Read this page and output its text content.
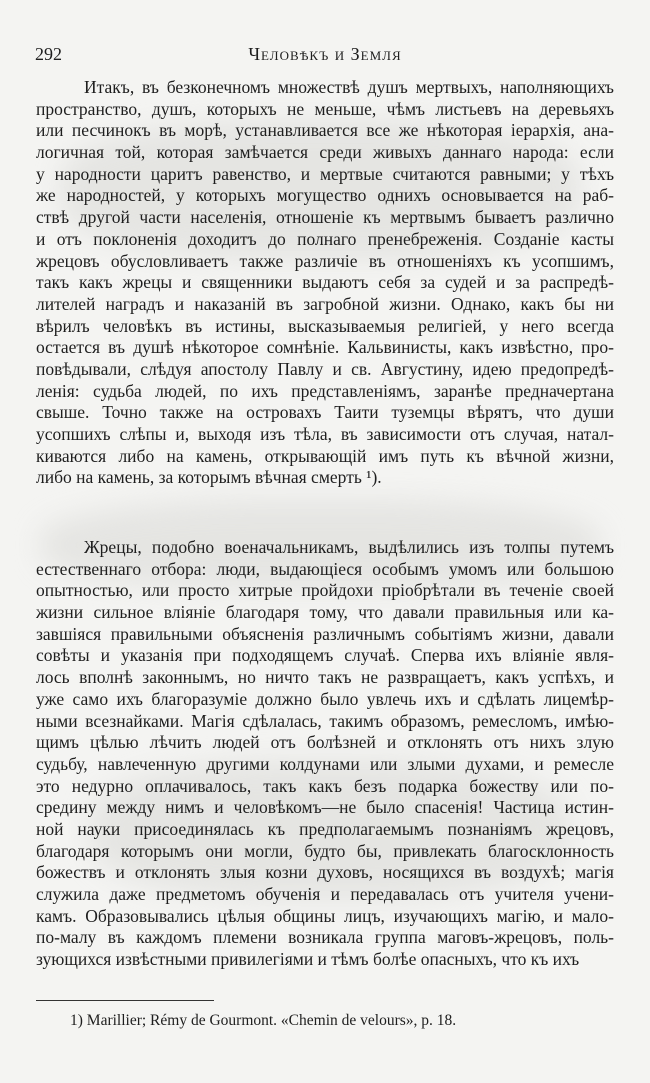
292	Человѣкъ и Земля
Итакъ, въ безконечномъ множествѣ душъ мертвыхъ, наполняющихъ
пространство, душъ, которыхъ не меньше, чѣмъ листьевъ на деревьяхъ
или песчинокъ въ морѣ, устанавливается все же нѣкоторая іерархія, ана-
логичная той, которая замѣчается среди живыхъ даннаго народа: если
у народности царитъ равенство, и мертвые считаются равными; у тѣхъ
же народностей, у которыхъ могущество однихъ основывается на раб-
ствѣ другой части населенія, отношеніе къ мертвымъ бываетъ различно
и отъ поклоненія доходитъ до полнаго пренебреженія. Созданіе касты
жрецовъ обусловливаетъ также различіе въ отношеніяхъ къ усопшимъ,
такъ какъ жрецы и священники выдаютъ себя за судей и за распредѣ-
лителей наградъ и наказаній въ загробной жизни. Однако, какъ бы ни
вѣрилъ человѣкъ въ истины, высказываемыя религіей, у него всегда
остается въ душѣ нѣкоторое сомнѣніе. Кальвинисты, какъ извѣстно, про-
повѣдывали, слѣдуя апостолу Павлу и св. Августину, идею предопредѣ-
ленія: судьба людей, по ихъ представленіямъ, заранѣе предначертана
свыше. Точно также на островахъ Таити туземцы вѣрятъ, что души
усопшихъ слѣпы и, выходя изъ тѣла, въ зависимости отъ случая, натал-
киваются либо на камень, открывающій имъ путь къ вѣчной жизни,
либо на камень, за которымъ вѣчная смерть ¹).
Жрецы, подобно военачальникамъ, выдѣлились изъ толпы путемъ
естественнаго отбора: люди, выдающіеся особымъ умомъ или большою
опытностью, или просто хитрые пройдохи пріобрѣтали въ теченіе своей
жизни сильное вліяніе благодаря тому, что давали правильныя или ка-
завшіяся правильными объясненія различнымъ событіямъ жизни, давали
совѣты и указанія при подходящемъ случаѣ. Сперва ихъ вліяніе явля-
лось вполнѣ законнымъ, но ничто такъ не развращаетъ, какъ успѣхъ, и
уже само ихъ благоразуміе должно было увлечь ихъ и сдѣлать лицемѣр-
ными всезнайками. Магія сдѣлалась, такимъ образомъ, ремесломъ, имѣю-
щимъ цѣлью лѣчить людей отъ болѣзней и отклонять отъ нихъ злую
судьбу, навлеченную другими колдунами или злыми духами, и ремесле
это недурно оплачивалось, такъ какъ безъ подарка божеству или по-
средину между нимъ и человѣкомъ—не было спасенія! Частица истин-
ной науки присоединялась къ предполагаемымъ познаніямъ жрецовъ,
благодаря которымъ они могли, будто бы, привлекать благосклонность
божествъ и отклонять злыя козни духовъ, носящихся въ воздухѣ; магія
служила даже предметомъ обученія и передавалась отъ учителя учени-
камъ. Образовывались цѣлыя общины лицъ, изучающихъ магію, и мало-
по-малу въ каждомъ племени возникала группа маговъ-жрецовъ, поль-
зующихся извѣстными привилегіями и тѣмъ болѣе опасныхъ, что къ ихъ
1) Marillier; Rémy de Gourmont. «Chemin de velours», p. 18.
